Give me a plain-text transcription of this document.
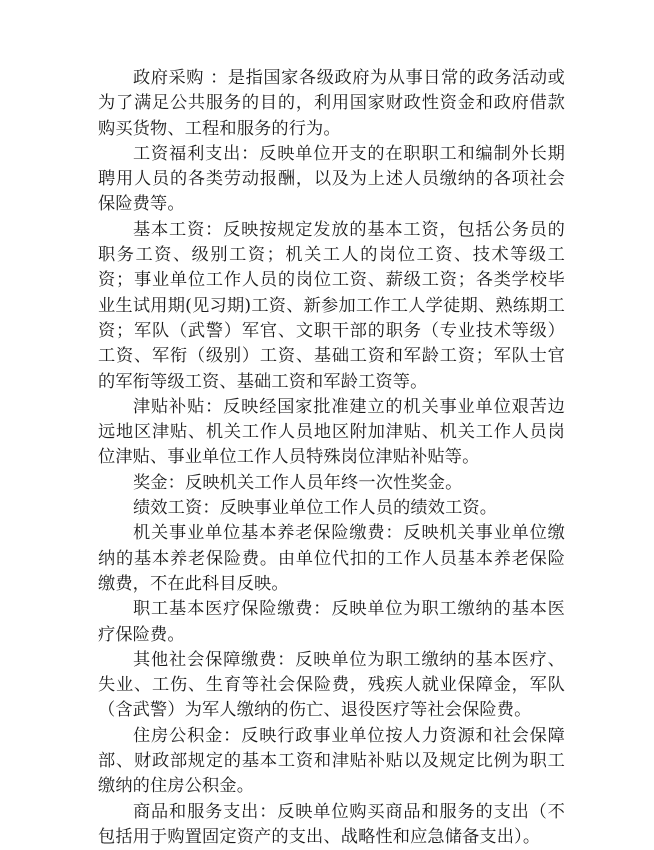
政府采购 ：是指国家各级政府为从事日常的政务活动或为了满足公共服务的目的，利用国家财政性资金和政府借款购买货物、工程和服务的行为。

工资福利支出：反映单位开支的在职职工和编制外长期聘用人员的各类劳动报酬，以及为上述人员缴纳的各项社会保险费等。

基本工资：反映按规定发放的基本工资，包括公务员的职务工资、级别工资；机关工人的岗位工资、技术等级工资；事业单位工作人员的岗位工资、薪级工资；各类学校毕业生试用期(见习期)工资、新参加工作工人学徒期、熟练期工资；军队（武警）军官、文职干部的职务（专业技术等级）工资、军衔（级别）工资、基础工资和军龄工资；军队士官的军衔等级工资、基础工资和军龄工资等。

津贴补贴：反映经国家批准建立的机关事业单位艰苦边远地区津贴、机关工作人员地区附加津贴、机关工作人员岗位津贴、事业单位工作人员特殊岗位津贴补贴等。

奖金：反映机关工作人员年终一次性奖金。

绩效工资：反映事业单位工作人员的绩效工资。

机关事业单位基本养老保险缴费：反映机关事业单位缴纳的基本养老保险费。由单位代扣的工作人员基本养老保险缴费，不在此科目反映。

职工基本医疗保险缴费：反映单位为职工缴纳的基本医疗保险费。

其他社会保障缴费：反映单位为职工缴纳的基本医疗、失业、工伤、生育等社会保险费，残疾人就业保障金，军队（含武警）为军人缴纳的伤亡、退役医疗等社会保险费。

住房公积金：反映行政事业单位按人力资源和社会保障部、财政部规定的基本工资和津贴补贴以及规定比例为职工缴纳的住房公积金。

商品和服务支出：反映单位购买商品和服务的支出（不包括用于购置固定资产的支出、战略性和应急储备支出）。
